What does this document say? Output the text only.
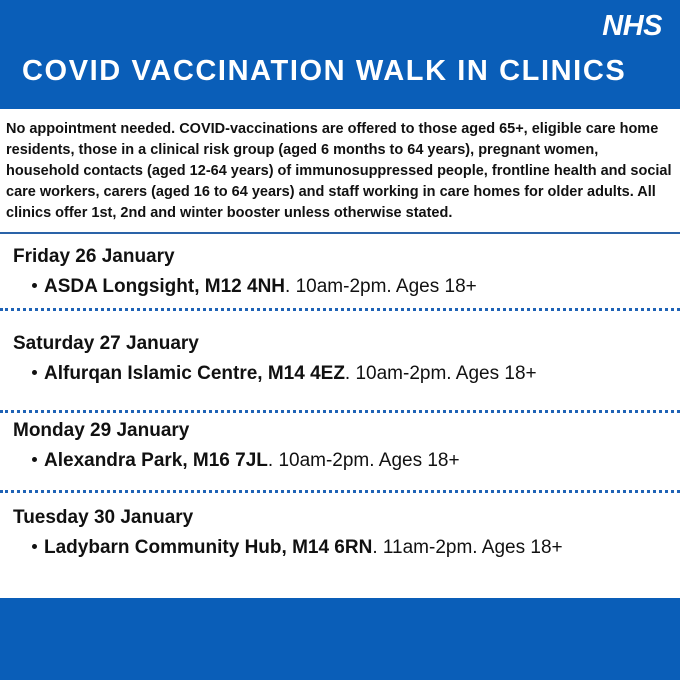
NHS
COVID VACCINATION WALK IN CLINICS
No appointment needed. COVID-vaccinations are offered to those aged 65+, eligible care home residents, those in a clinical risk group (aged 6 months to 64 years), pregnant women, household contacts (aged 12-64 years) of immunosuppressed people, frontline health and social care workers, carers (aged 16 to 64 years) and staff working in care homes for older adults. All clinics offer 1st, 2nd and winter booster unless otherwise stated.
Friday 26 January
ASDA Longsight, M12 4NH. 10am-2pm. Ages 18+
Saturday 27 January
Alfurqan Islamic Centre, M14 4EZ. 10am-2pm. Ages 18+
Monday 29 January
Alexandra Park, M16 7JL. 10am-2pm. Ages 18+
Tuesday 30 January
Ladybarn Community Hub, M14 6RN. 11am-2pm. Ages 18+
